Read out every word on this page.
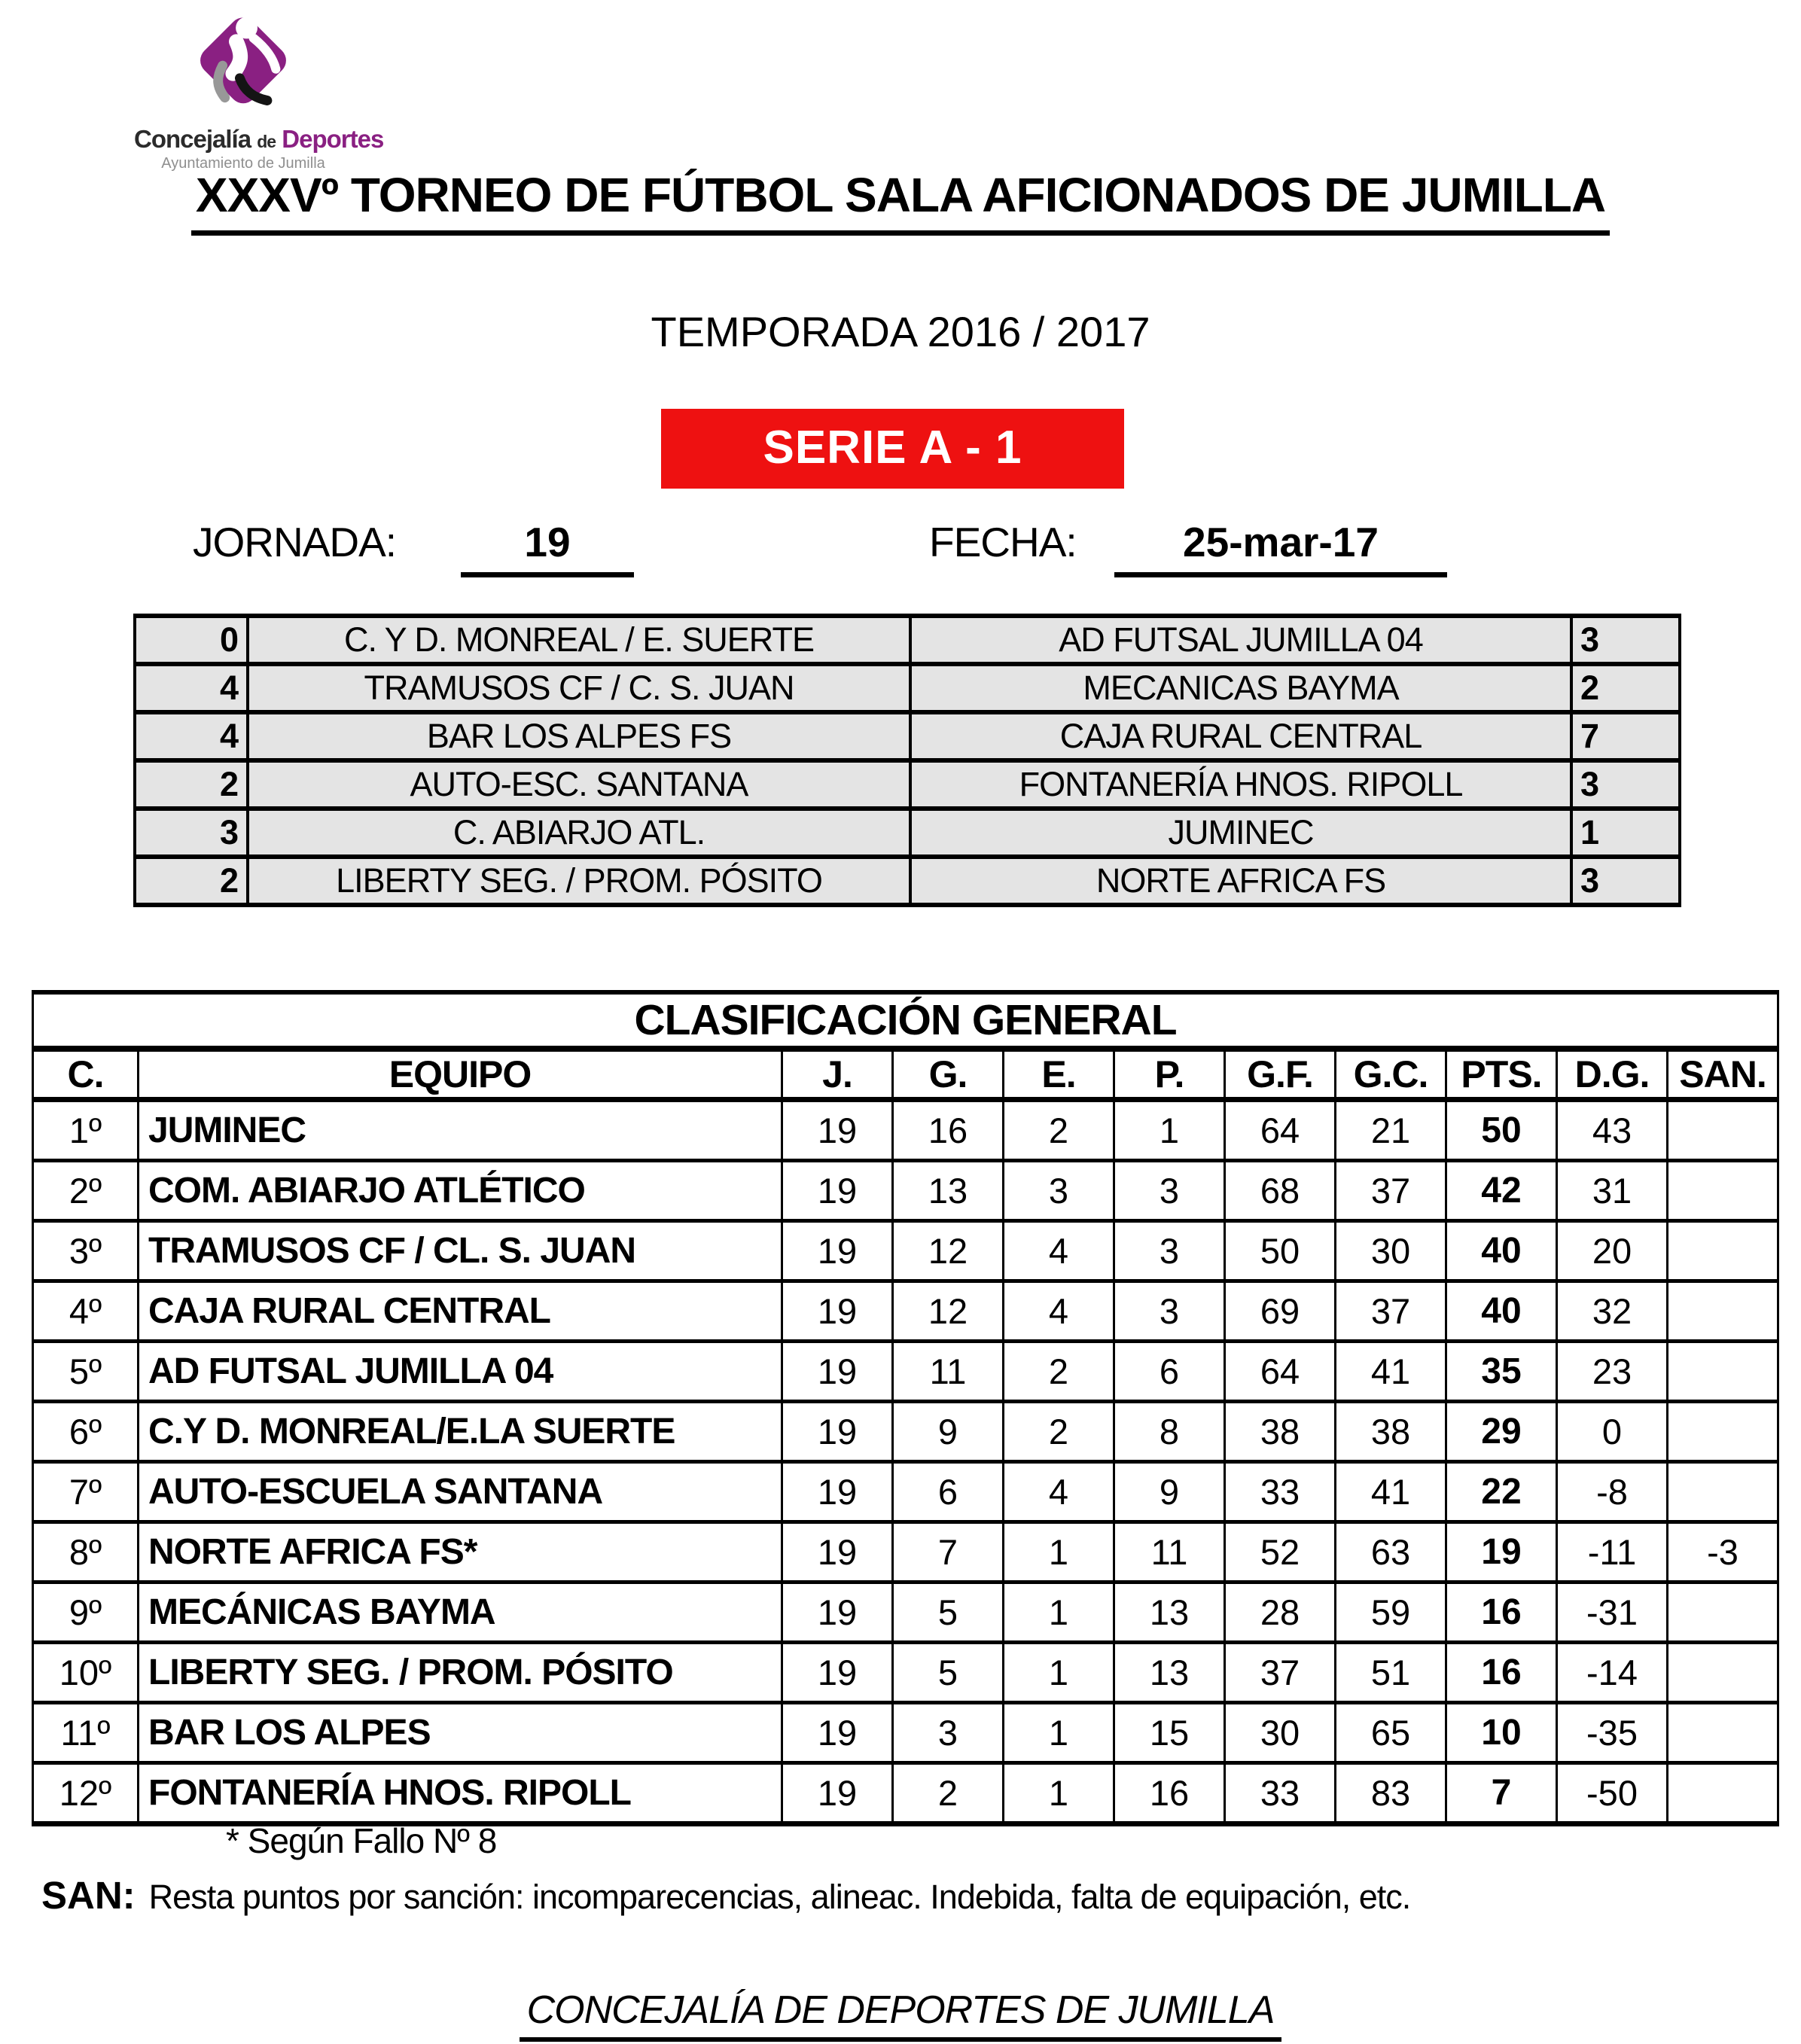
Concejalía de Deportes
Ayuntamiento de Jumilla
XXXVº TORNEO DE FÚTBOL SALA AFICIONADOS DE JUMILLA
TEMPORADA 2016 / 2017
SERIE A - 1
JORNADA:	19	FECHA:	25-mar-17
0	C. Y D. MONREAL / E. SUERTE	AD FUTSAL JUMILLA 04	3
4	TRAMUSOS CF / C. S. JUAN	MECANICAS BAYMA	2
4	BAR LOS ALPES FS	CAJA RURAL CENTRAL	7
2	AUTO-ESC. SANTANA	FONTANERÍA HNOS. RIPOLL	3
3	C. ABIARJO ATL.	JUMINEC	1
2	LIBERTY SEG. / PROM. PÓSITO	NORTE AFRICA FS	3
CLASIFICACIÓN GENERAL										
C.	EQUIPO	J.	G.	E.	P.	G.F.	G.C.	PTS.	D.G.	SAN.
1º	JUMINEC	19	16	2	1	64	21	50	43	
2º	COM. ABIARJO ATLÉTICO	19	13	3	3	68	37	42	31	
3º	TRAMUSOS CF / CL. S. JUAN	19	12	4	3	50	30	40	20	
4º	CAJA RURAL CENTRAL	19	12	4	3	69	37	40	32	
5º	AD FUTSAL JUMILLA 04	19	11	2	6	64	41	35	23	
6º	C.Y D. MONREAL/E.LA SUERTE	19	9	2	8	38	38	29	0	
7º	AUTO-ESCUELA SANTANA	19	6	4	9	33	41	22	-8	
8º	NORTE AFRICA FS*	19	7	1	11	52	63	19	-11	-3
9º	MECÁNICAS BAYMA	19	5	1	13	28	59	16	-31	
10º	LIBERTY SEG. / PROM. PÓSITO	19	5	1	13	37	51	16	-14	
11º	BAR LOS ALPES	19	3	1	15	30	65	10	-35	
12º	FONTANERÍA HNOS. RIPOLL	19	2	1	16	33	83	7	-50	
* Según Fallo Nº 8
SAN: Resta puntos por sanción: incomparecencias, alineac. Indebida, falta de equipación, etc.
CONCEJALÍA DE DEPORTES DE JUMILLA
